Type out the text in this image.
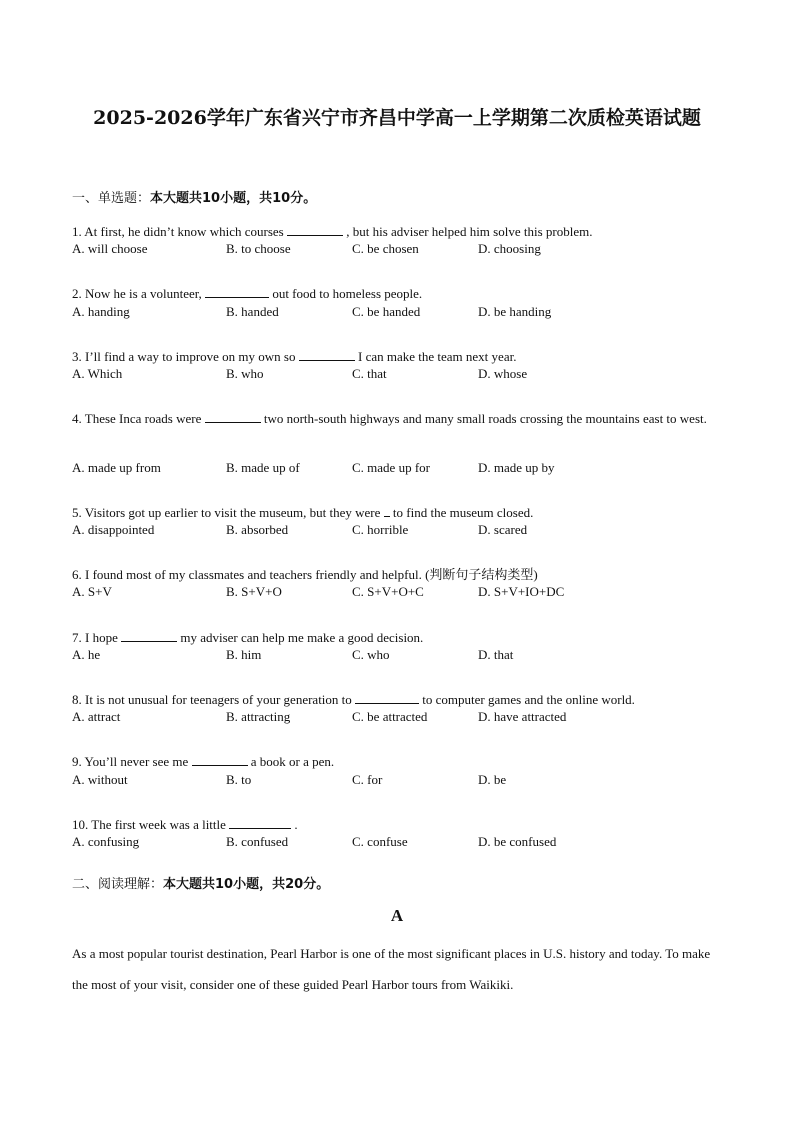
2025-2026学年广东省兴宁市齐昌中学高一上学期第二次质检英语试题
一、单选题：本大题共10小题，共10分。
1. At first, he didn’t know which courses	, but his adviser helped him solve this problem.
A. will choose	B. to choose	C. be chosen	D. choosing
2. Now he is a volunteer,	out food to homeless people.
A. handing	B. handed	C. be handed	D. be handing
3. I’ll find a way to improve on my own so	I can make the team next year.
A. Which	B. who	C. that	D. whose
4. These Inca roads were	two north-south highways and many small roads crossing the mountains east to west.
A. made up from	B. made up of	C. made up for	D. made up by
5. Visitors got up earlier to visit the museum, but they were to find the museum closed.
A. disappointed	B. absorbed	C. horrible	D. scared
6. I found most of my classmates and teachers friendly and helpful. (判断句子结构类型)
A. S+V	B. S+V+O	C. S+V+O+C	D. S+V+IO+DC
7. I hope	my adviser can help me make a good decision.
A. he	B. him	C. who	D. that
8. It is not unusual for teenagers of your generation to	to computer games and the online world.
A. attract	B. attracting	C. be attracted	D. have attracted
9. You’ll never see me	a book or a pen.
A. without	B. to	C. for	D. be
10. The first week was a little	.
A. confusing	B. confused	C. confuse	D. be confused
二、阅读理解：本大题共10小题，共20分。
A
As a most popular tourist destination, Pearl Harbor is one of the most significant places in U.S. history and today. To make the most of your visit, consider one of these guided Pearl Harbor tours from Waikiki.
